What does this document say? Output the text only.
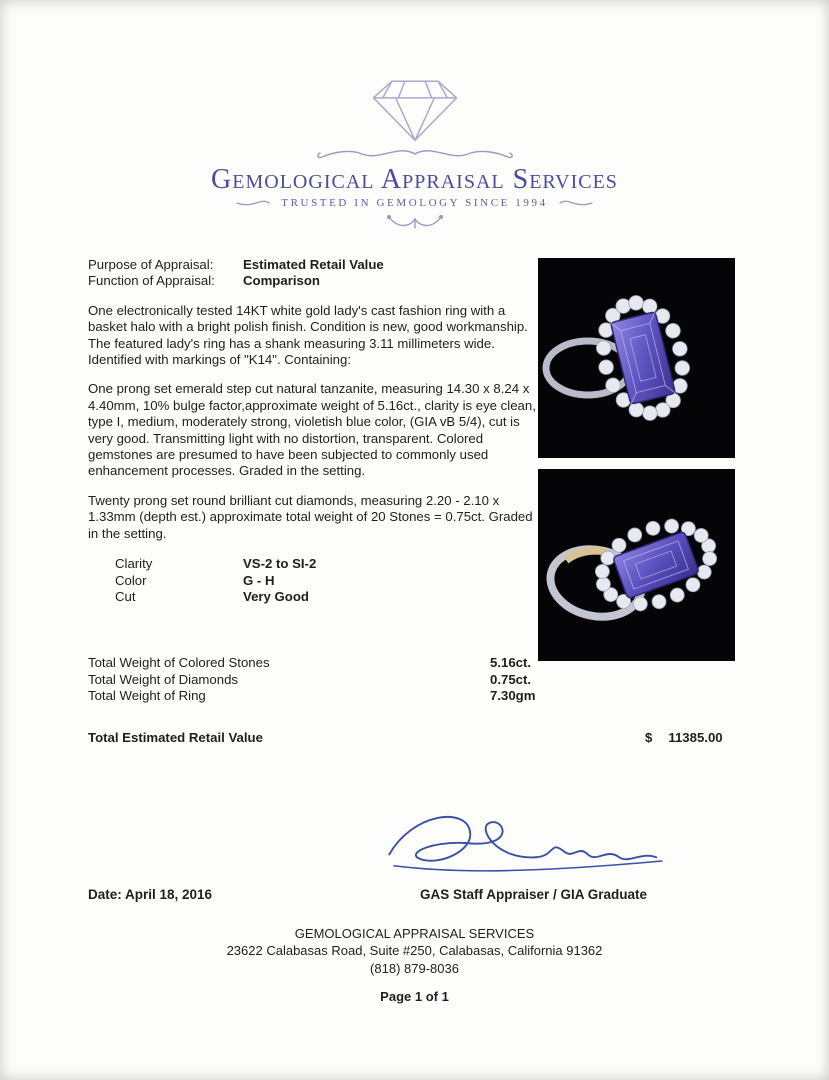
Gemological Appraisal Services
TRUSTED IN GEMOLOGY SINCE 1994
Purpose of Appraisal:	Estimated Retail Value
Function of Appraisal:	Comparison

One electronically tested 14KT white gold lady's cast fashion ring with a basket halo with a bright polish finish. Condition is new, good workmanship. The featured lady's ring has a shank measuring 3.11 millimeters wide. Identified with markings of "K14". Containing:

One prong set emerald step cut natural tanzanite, measuring 14.30 x 8.24 x 4.40mm, 10% bulge factor,approximate weight of 5.16ct., clarity is eye clean, type I, medium, moderately strong, violetish blue color, (GIA vB 5/4), cut is very good. Transmitting light with no distortion, transparent. Colored gemstones are presumed to have been subjected to commonly used enhancement processes. Graded in the setting.

Twenty prong set round brilliant cut diamonds, measuring 2.20 - 2.10 x 1.33mm (depth est.) approximate total weight of 20 Stones = 0.75ct. Graded in the setting.

Clarity	VS-2 to SI-2
Color	G - H
Cut	Very Good
Total Weight of Colored Stones	5.16ct.
Total Weight of Diamonds	0.75ct.
Total Weight of Ring	7.30gm
Total Estimated Retail Value	$ 11385.00
Date: April 18, 2016	GAS Staff Appraiser / GIA Graduate
GEMOLOGICAL APPRAISAL SERVICES
23622 Calabasas Road, Suite #250, Calabasas, California 91362
(818) 879-8036
Page 1 of 1
